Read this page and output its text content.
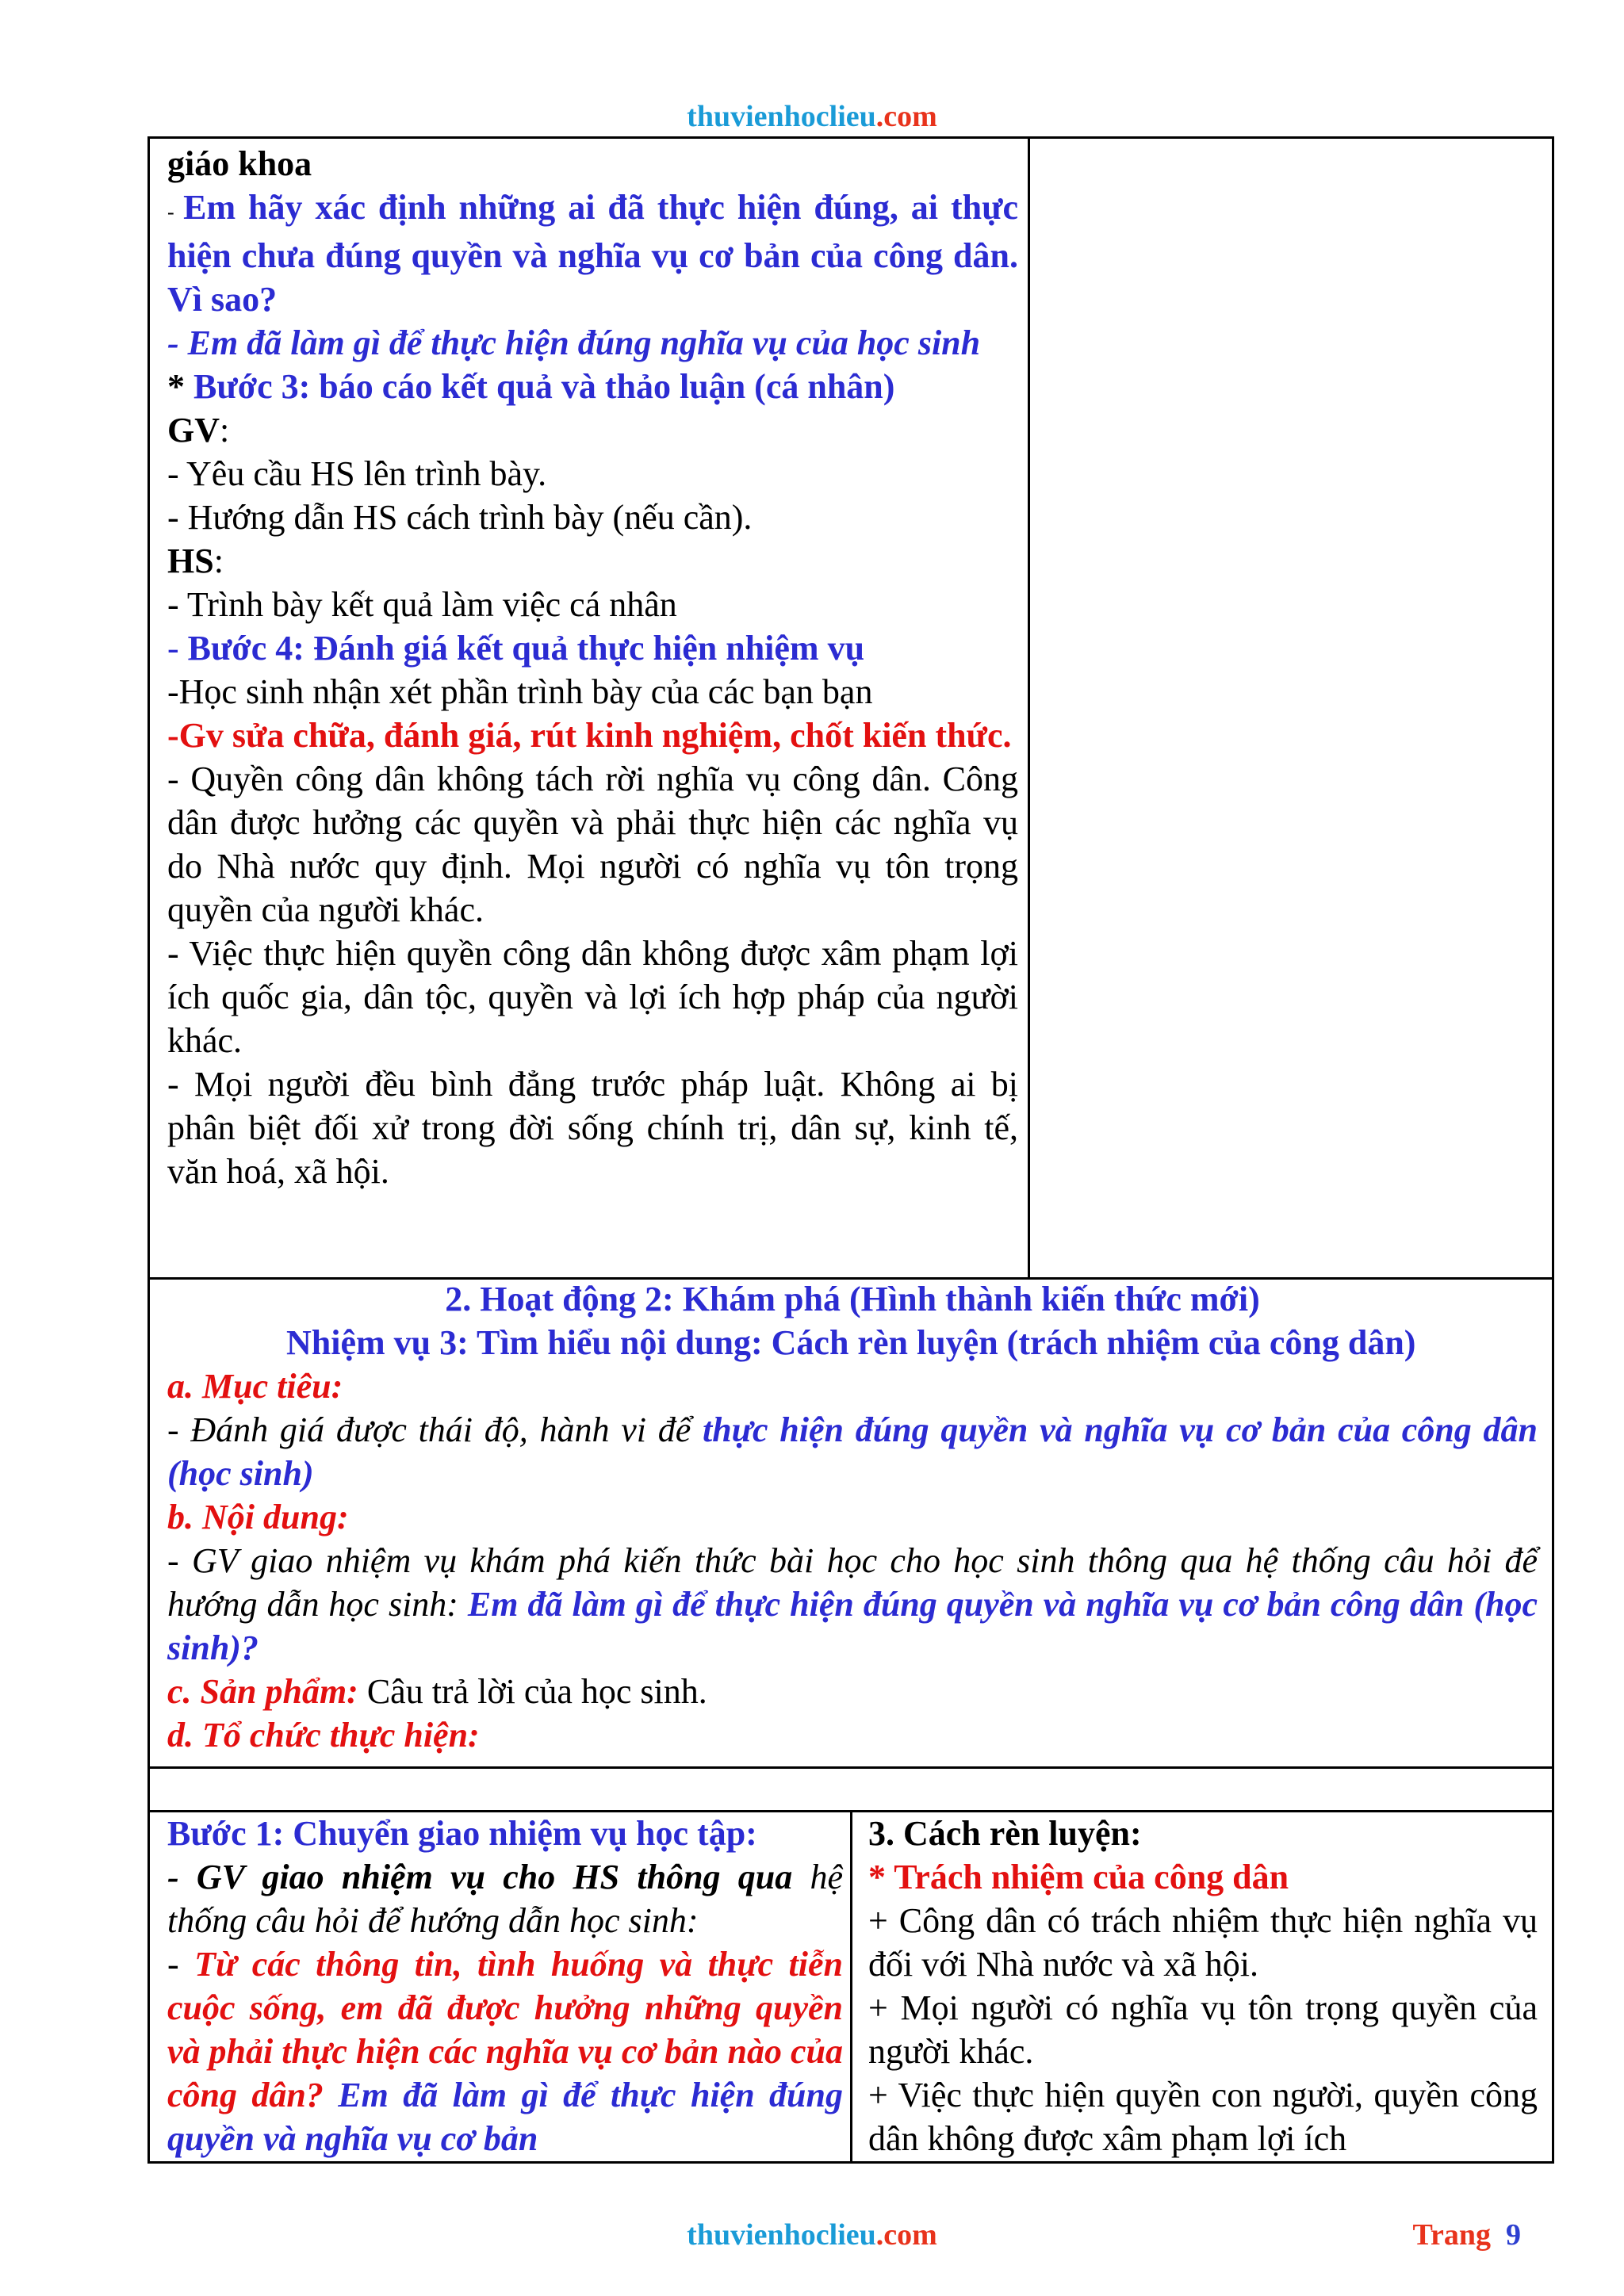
thuvienhoclieu.com

giáo khoa

- Em hãy xác định những ai đã thực hiện đúng, ai thực hiện chưa đúng quyền và nghĩa vụ cơ bản của công dân. Vì sao?

- Em đã làm gì để thực hiện đúng nghĩa vụ của học sinh

* Bước 3: báo cáo kết quả và thảo luận (cá nhân)

GV:

- Yêu cầu HS lên trình bày.

- Hướng dẫn HS cách trình bày (nếu cần).

HS:

- Trình bày kết quả làm việc cá nhân

- Bước 4: Đánh giá kết quả thực hiện nhiệm vụ

-Học sinh nhận xét phần trình bày của các bạn bạn

-Gv sửa chữa, đánh giá, rút kinh nghiệm, chốt kiến thức.

- Quyền công dân không tách rời nghĩa vụ công dân. Công dân được hưởng các quyền và phải thực hiện các nghĩa vụ do Nhà nước quy định. Mọi người có nghĩa vụ tôn trọng quyền của người khác.

- Việc thực hiện quyền công dân không được xâm phạm lợi ích quốc gia, dân tộc, quyền và lợi ích hợp pháp của người khác.

- Mọi người đều bình đẳng trước pháp luật. Không ai bị phân biệt đối xử trong đời sống chính trị, dân sự, kinh tế, văn hoá, xã hội.

2. Hoạt động 2: Khám phá (Hình thành kiến thức mới)

Nhiệm vụ 3: Tìm hiểu nội dung: Cách rèn luyện (trách nhiệm của công dân)

a. Mục tiêu:

- Đánh giá được thái độ, hành vi để thực hiện đúng quyền và nghĩa vụ cơ bản của công dân (học sinh)

b. Nội dung:

- GV giao nhiệm vụ khám phá kiến thức bài học cho học sinh thông qua hệ thống câu hỏi để hướng dẫn học sinh: Em đã làm gì để thực hiện đúng quyền và nghĩa vụ cơ bản công dân (học sinh)?

c. Sản phẩm: Câu trả lời của học sinh.

d. Tổ chức thực hiện:

Bước 1: Chuyển giao nhiệm vụ học tập:

- GV giao nhiệm vụ cho HS thông qua hệ thống câu hỏi để hướng dẫn học sinh:

- Từ các thông tin, tình huống và thực tiễn cuộc sống, em đã được hưởng những quyền và phải thực hiện các nghĩa vụ cơ bản nào của công dân? Em đã làm gì để thực hiện đúng quyền và nghĩa vụ cơ bản

3. Cách rèn luyện:

* Trách nhiệm của công dân

+ Công dân có trách nhiệm thực hiện nghĩa vụ đối với Nhà nước và xã hội.

+ Mọi người có nghĩa vụ tôn trọng quyền của người khác.

+ Việc thực hiện quyền con người, quyền công dân không được xâm phạm lợi ích

thuvienhoclieu.com	Trang 9
